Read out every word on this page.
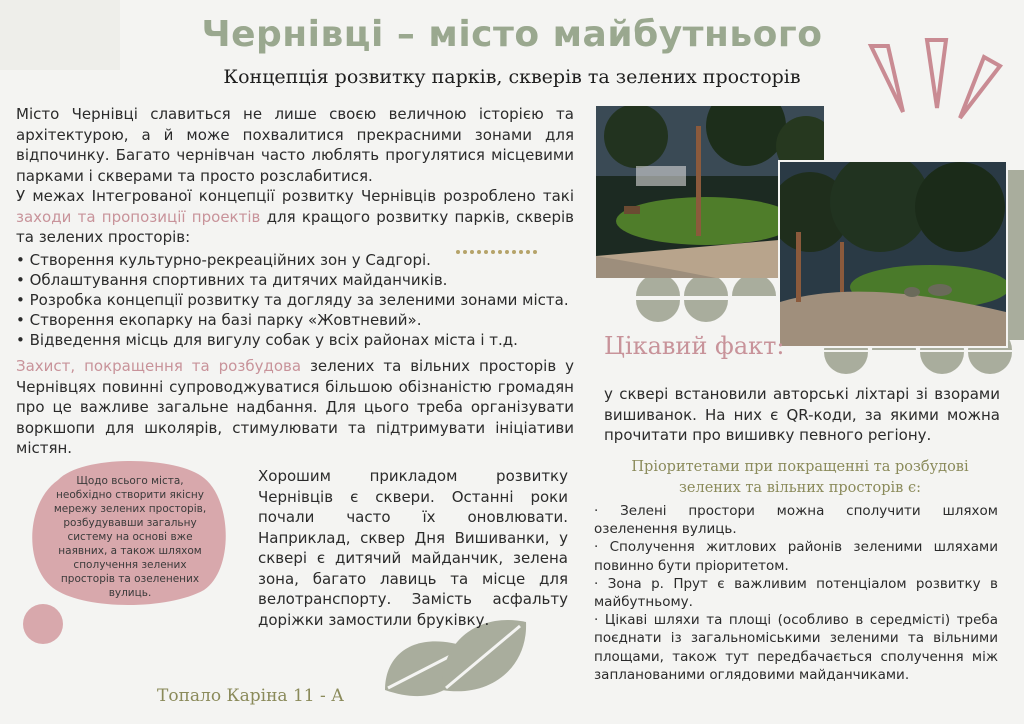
Чернівці – місто майбутнього
Концепція розвитку парків, скверів та зелених просторів
Місто Чернівці славиться не лише своєю величною історією та архітектурою, а й може похвалитися прекрасними зонами для відпочинку. Багато чернівчан часто люблять прогулятися місцевими парками і скверами та просто розслабитися.
У межах Інтегрованої концепції розвитку Чернівців розроблено такі заходи та пропозиції проектів для кращого розвитку парків, скверів та зелених просторів:
• Створення культурно-рекреаційних зон у Садгорі.
• Облаштування спортивних та дитячих майданчиків.
• Розробка концепції розвитку та догляду за зеленими зонами міста.
• Створення екопарку на базі парку «Жовтневий».
• Відведення місць для вигулу собак у всіх районах міста і т.д.
Захист, покращення та розбудова зелених та вільних просторів у Чернівцях повинні супроводжуватися більшою обізнаністю громадян про це важливе загальне надбання. Для цього треба організувати воркшопи для школярів, стимулювати та підтримувати ініціативи містян.
Щодо всього міста, необхідно створити якісну мережу зелених просторів, розбудувавши загальну систему на основі вже наявних, а також шляхом сполучення зелених просторів та озеленених вулиць.
Хорошим прикладом розвитку Чернівців є сквери. Останні роки почали часто їх оновлювати. Наприклад, сквер Дня Вишиванки, у сквері є дитячий майданчик, зелена зона, багато лавиць та місце для велотранспорту. Замість асфальту доріжки замостили бруківку.
Цікавий факт:
у сквері встановили авторські ліхтарі зі взорами вишиванок. На них є QR-коди, за якими можна прочитати про вишивку певного регіону.
Пріоритетами при покращенні та розбудові
зелених та вільних просторів є:
· Зелені простори можна сполучити шляхом озеленення вулиць.
· Сполучення житлових районів зеленими шляхами повинно бути пріоритетом.
· Зона р. Прут є важливим потенціалом розвитку в майбутньому.
· Цікаві шляхи та площі (особливо в середмісті) треба поєднати із загальноміськими зеленими та вільними площами, також тут передбачається сполучення між запланованими оглядовими майданчиками.
Топало Каріна 11 - А
